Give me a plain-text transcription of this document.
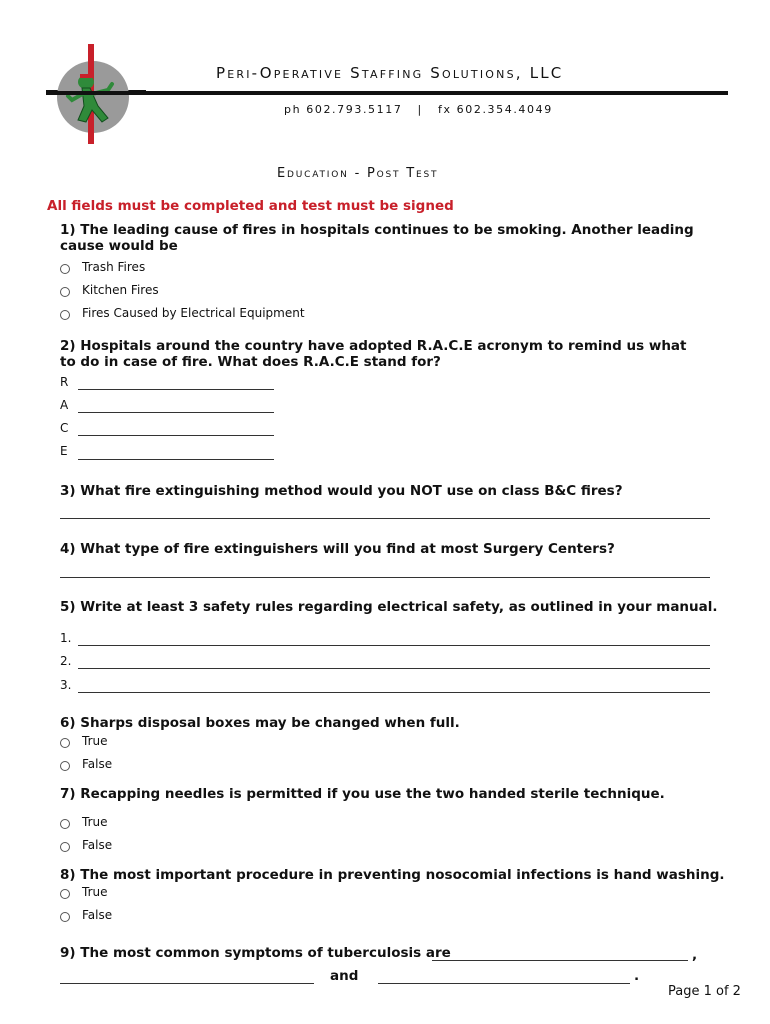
Peri-Operative Staffing Solutions, LLC
ph 602.793.5117 | fx 602.354.4049
Education - Post Test
All fields must be completed and test must be signed
1) The leading cause of fires in hospitals continues to be smoking. Another leading cause would be
Trash Fires
Kitchen Fires
Fires Caused by Electrical Equipment
2) Hospitals around the country have adopted R.A.C.E acronym to remind us what to do in case of fire. What does R.A.C.E stand for?
R
A
C
E
3) What fire extinguishing method would you NOT use on class B&C fires?
4) What type of fire extinguishers will you find at most Surgery Centers?
5) Write at least 3 safety rules regarding electrical safety, as outlined in your manual.
1.
2.
3.
6) Sharps disposal boxes may be changed when full.
True
False
7) Recapping needles is permitted if you use the two handed sterile technique.
True
False
8) The most important procedure in preventing nosocomial infections is hand washing.
True
False
9) The most common symptoms of tuberculosis are	,
and	.
Page 1 of 2
